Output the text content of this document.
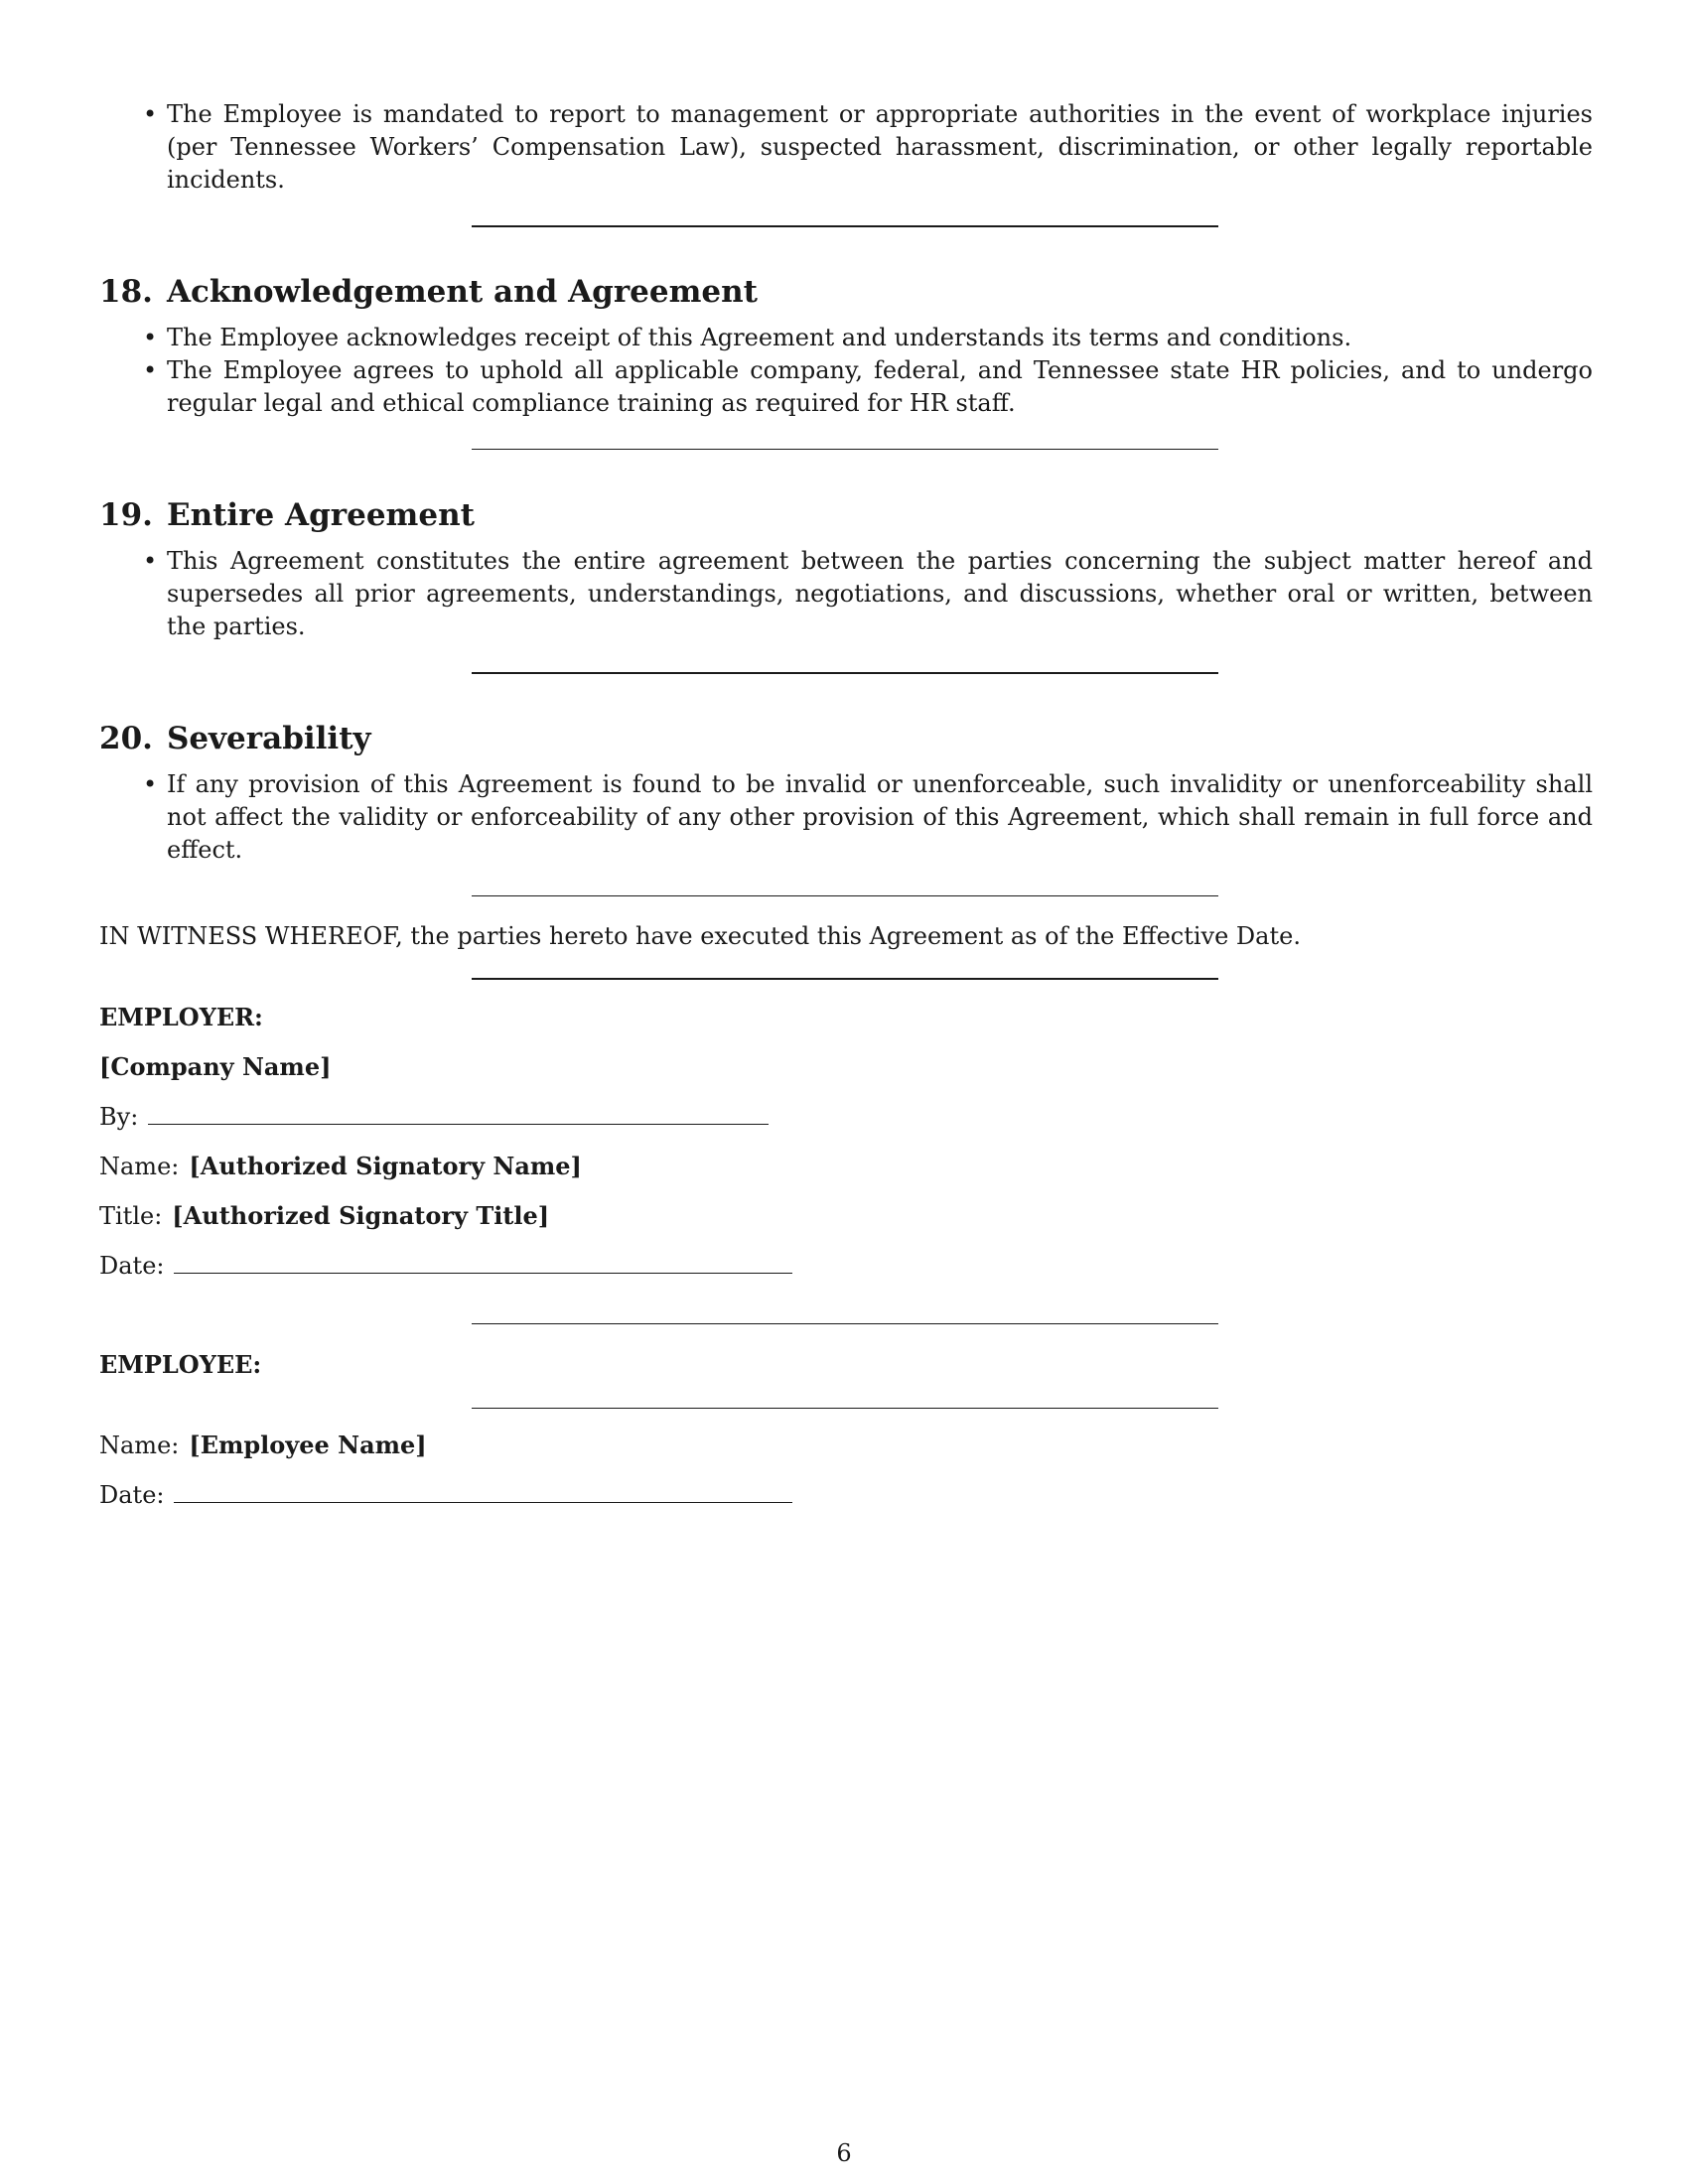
• The Employee is mandated to report to management or appropriate authorities in the event of workplace injuries (per Tennessee Workers’ Compensation Law), suspected harassment, discrimination, or other legally reportable incidents.
18. Acknowledgement and Agreement
• The Employee acknowledges receipt of this Agreement and understands its terms and conditions.
• The Employee agrees to uphold all applicable company, federal, and Tennessee state HR policies, and to undergo regular legal and ethical compliance training as required for HR staff.
19. Entire Agreement
• This Agreement constitutes the entire agreement between the parties concerning the subject matter hereof and supersedes all prior agreements, understandings, negotiations, and discussions, whether oral or written, between the parties.
20. Severability
• If any provision of this Agreement is found to be invalid or unenforceable, such invalidity or unenforceability shall not affect the validity or enforceability of any other provision of this Agreement, which shall remain in full force and effect.

IN WITNESS WHEREOF, the parties hereto have executed this Agreement as of the Effective Date.

EMPLOYER:
[Company Name]
By:
Name: [Authorized Signatory Name]
Title: [Authorized Signatory Title]
Date:
EMPLOYEE:
Name: [Employee Name]
Date:
6
